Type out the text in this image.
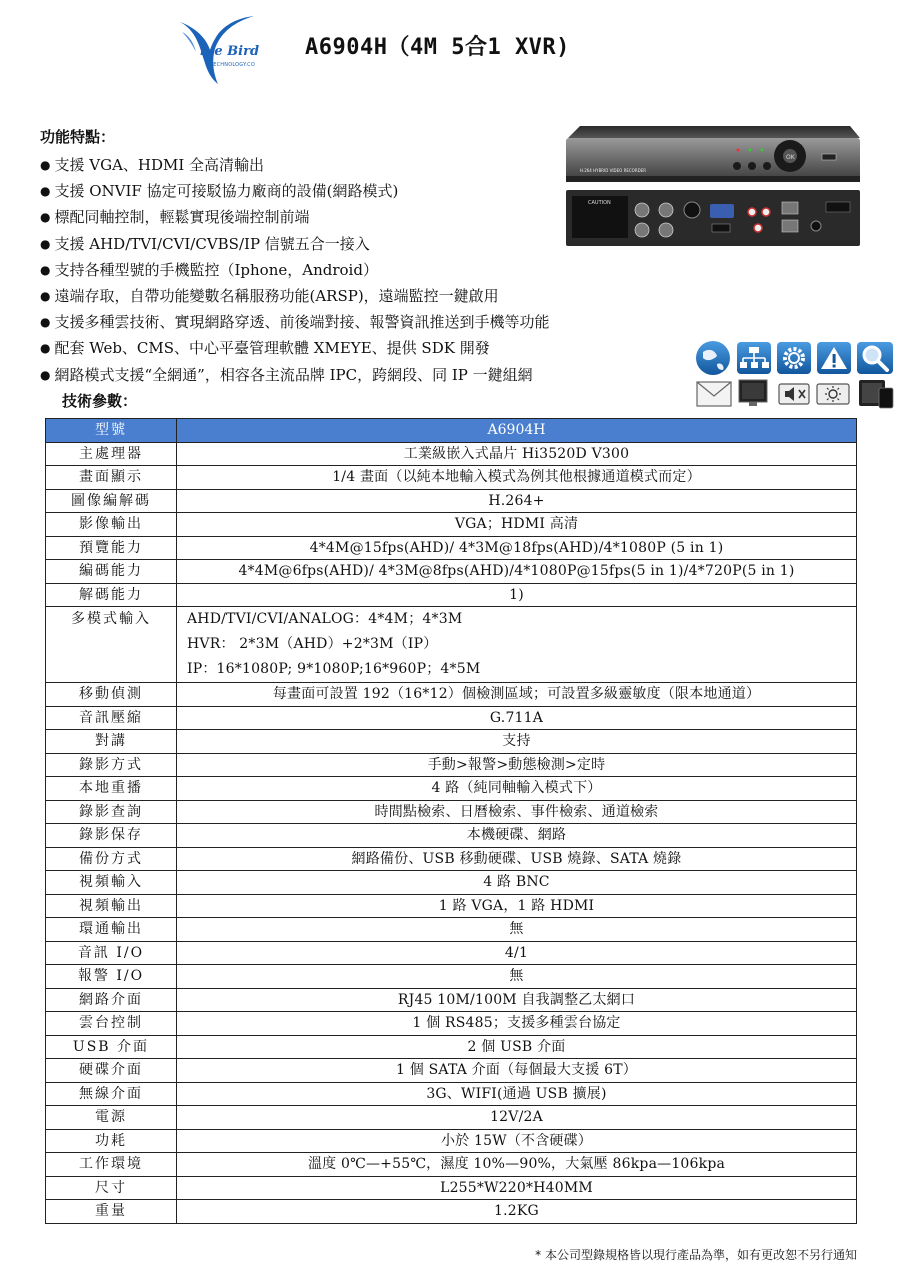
lue Bird
TECHNOLOGY.CO
A6904H（4M 5合1 XVR)
功能特點：
● 支援 VGA、HDMI 全高清輸出
● 支援 ONVIF 協定可接駁協力廠商的設備(網路模式)
● 標配同軸控制，輕鬆實現後端控制前端
● 支援 AHD/TVI/CVI/CVBS/IP 信號五合一接入
● 支持各種型號的手機監控（Iphone，Android）
● 遠端存取，自帶功能變數名稱服務功能(ARSP)，遠端監控一鍵啟用
● 支援多種雲技術、實現網路穿透、前後端對接、報警資訊推送到手機等功能
● 配套 Web、CMS、中心平臺管理軟體 XMEYE、提供 SDK 開發
● 網路模式支援“全網通”，相容各主流品牌 IPC，跨網段、同 IP 一鍵組網
H.264 HYBRID VIDEO RECORDER
OK
CAUTION
技術參數：
型號	A6904H
主處理器	工業級嵌入式晶片 Hi3520D V300
畫面顯示	1/4 畫面（以純本地輸入模式為例其他根據通道模式而定）
圖像編解碼	H.264+
影像輸出	VGA；HDMI 高清
預覽能力	4*4M@15fps(AHD)/ 4*3M@18fps(AHD)/4*1080P (5 in 1)
編碼能力	4*4M@6fps(AHD)/ 4*3M@8fps(AHD)/4*1080P@15fps(5 in 1)/4*720P(5 in 1)
解碼能力	1)
多模式輸入	AHD/TVI/CVI/ANALOG：4*4M；4*3M
HVR： 2*3M（AHD）+2*3M（IP）
IP：16*1080P; 9*1080P;16*960P；4*5M

移動偵測	每畫面可設置 192（16*12）個檢測區域；可設置多級靈敏度（限本地通道）
音訊壓縮	G.711A
對講	支持
錄影方式	手動>報警>動態檢測>定時
本地重播	4 路（純同軸輸入模式下）
錄影查詢	時間點檢索、日曆檢索、事件檢索、通道檢索
錄影保存	本機硬碟、網路
備份方式	網路備份、USB 移動硬碟、USB 燒錄、SATA 燒錄
視頻輸入	4 路 BNC
視頻輸出	1 路 VGA，1 路 HDMI
環通輸出	無
音訊 I/O	4/1
報警 I/O	無
網路介面	RJ45 10M/100M 自我調整乙太網口
雲台控制	1 個 RS485；支援多種雲台協定
USB 介面	2 個 USB 介面
硬碟介面	1 個 SATA 介面（每個最大支援 6T）
無線介面	3G、WIFI(通過 USB 擴展)
電源	12V/2A
功耗	小於 15W（不含硬碟）
工作環境	溫度 0℃—+55℃，濕度 10%—90%，大氣壓 86kpa—106kpa
尺寸	L255*W220*H40MM
重量	1.2KG
* 本公司型錄規格皆以現行產品為準，如有更改恕不另行通知
